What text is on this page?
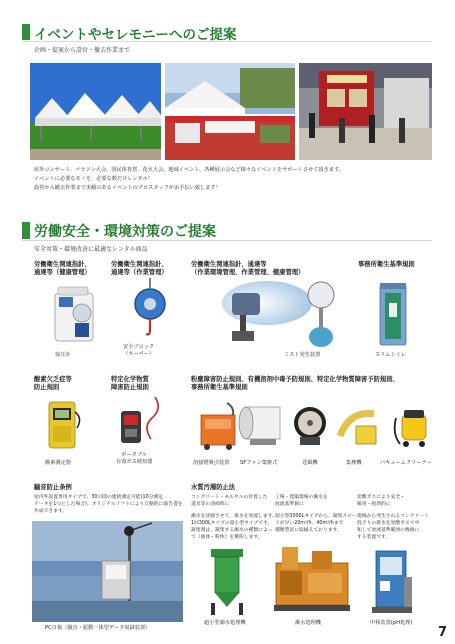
イベントやセレモニーへのご提案
企画・提案から設営・撤去作業まで
屋外コンサート、マラソン大会、国民体育祭、花火大会、地域イベント、各種展示会など様々なイベントをサポートさせて頂きます。
イベントに必要なモノを、必要な数だけレンタル！
設営から撤去作業まで実績のあるイベントのプロスタッフがお手伝い致します！
労働安全・環境対策のご提案
安全対策・環境改善に最適なレンタル商品
労働衛生関連指針、
通達等（健康管理）
労働衛生関連指針、
通達等（作業管理）
労働衛生関連指針、通達等
（作業環境管理、作業管理、健康管理）
事務所衛生基準規則
血圧計
安全ブロック
（キーパー）	ミスト発生装置	スリムトイレ
酸素欠乏症等
防止規則
特定化学物質
障害防止規則
粉塵障害防止規則、有機溶剤中毒予防規則、特定化学物質障害予防規則、
事務所衛生基準規則
酸素測定器
ポータブル
有毒ガス検知器	溶接煙吸引装置 SFファン集塵式	送風機	集塵機	バキュームクリーナー
騒音防止条例
屋内外設置専用タイプで、30日間の連続測定可能(10分測定
データを1つとした場合)。オリジナルソフトにより自動的に報告書を
作成できます。
PC日報（騒音・振動一体型データ収録装置）
水質汚濁防止法
コンクリート・モルタルの付着した
道具等の清掃時に
濁水を沈殿させて、排水を放流します。
1回300Lタイプの超小型タイプです。
凝集剤は、凝集する濁水の種類によっ
て（液体・粉体）を選択します。
工場・建築現場の濁水を
放流基準値に
超小型3000Lタイプから、凝集スピー
ドが早い20m³/h、40m³/hまで
種類豊富に取揃えております。
炭酸ガスにより安全・
確実・経済的に
現場から発生されるコンクリート
混ざりの排水を炭酸ガスで中
和して放流基準範囲の数値に
する装置です。
超小型濁水処理機	濁水処理機	中和装置(pH処理)
7
